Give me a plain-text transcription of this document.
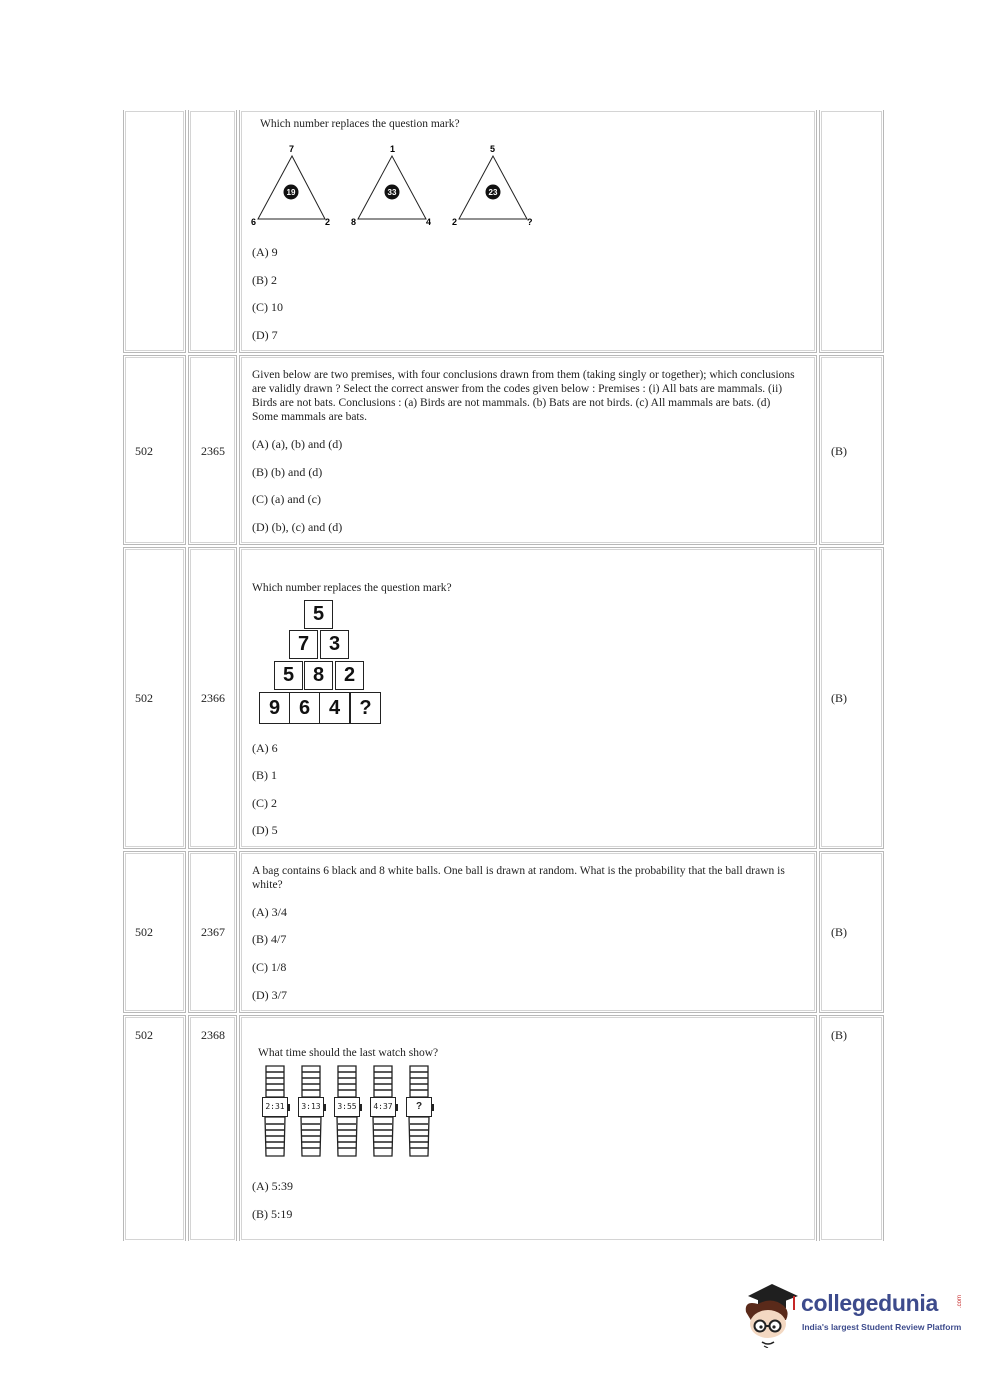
Which number replaces the question mark?
7
6	2
19
1
8	4
33
5
2	?
23
(A) 9
(B) 2
(C) 10
(D) 7
502	2365
Given below are two premises, with four conclusions drawn from them (taking singly or together); which conclusions are validly drawn ? Select the correct answer from the codes given below : Premises : (i) All bats are mammals. (ii) Birds are not bats. Conclusions : (a) Birds are not mammals. (b) Bats are not birds. (c) All mammals are bats. (d) Some mammals are bats.
(A) (a), (b) and (d)
(B) (b) and (d)
(C) (a) and (c)
(D) (b), (c) and (d)
(B)
502	2366
Which number replaces the question mark?
5
7 3
5 8 2
9 6 4 ?
(A) 6
(B) 1
(C) 2
(D) 5
(B)
502	2367
A bag contains 6 black and 8 white balls. One ball is drawn at random. What is the probability that the ball drawn is white?
(A) 3/4
(B) 4/7
(C) 1/8
(D) 3/7
(B)
502	2368
What time should the last watch show?
2:31	3:13	3:55	4:37	?
(A) 5:39
(B) 5:19
(B)
collegedunia	.com
India's largest Student Review Platform
